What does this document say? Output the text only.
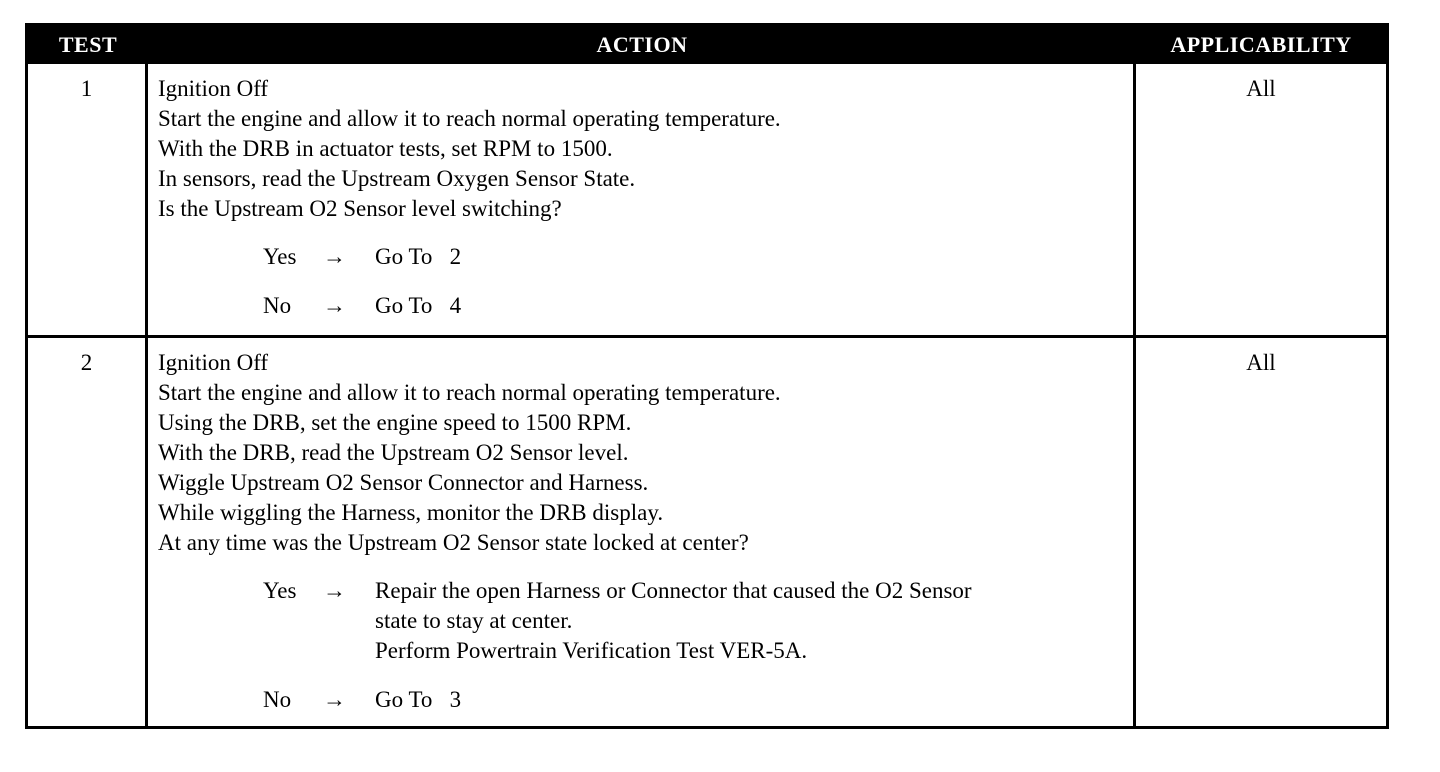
TEST	ACTION	APPLICABILITY
1	Ignition Off
Start the engine and allow it to reach normal operating temperature.
With the DRB in actuator tests, set RPM to 1500.
In sensors, read the Upstream Oxygen Sensor State.
Is the Upstream O2 Sensor level switching?
Yes	→	Go To   2
No	→	Go To   4
All
2	Ignition Off
Start the engine and allow it to reach normal operating temperature.
Using the DRB, set the engine speed to 1500 RPM.
With the DRB, read the Upstream O2 Sensor level.
Wiggle Upstream O2 Sensor Connector and Harness.
While wiggling the Harness, monitor the DRB display.
At any time was the Upstream O2 Sensor state locked at center?
Yes	→	Repair the open Harness or Connector that caused the O2 Sensor
state to stay at center.
Perform Powertrain Verification Test VER-5A.
No	→	Go To   3
All
